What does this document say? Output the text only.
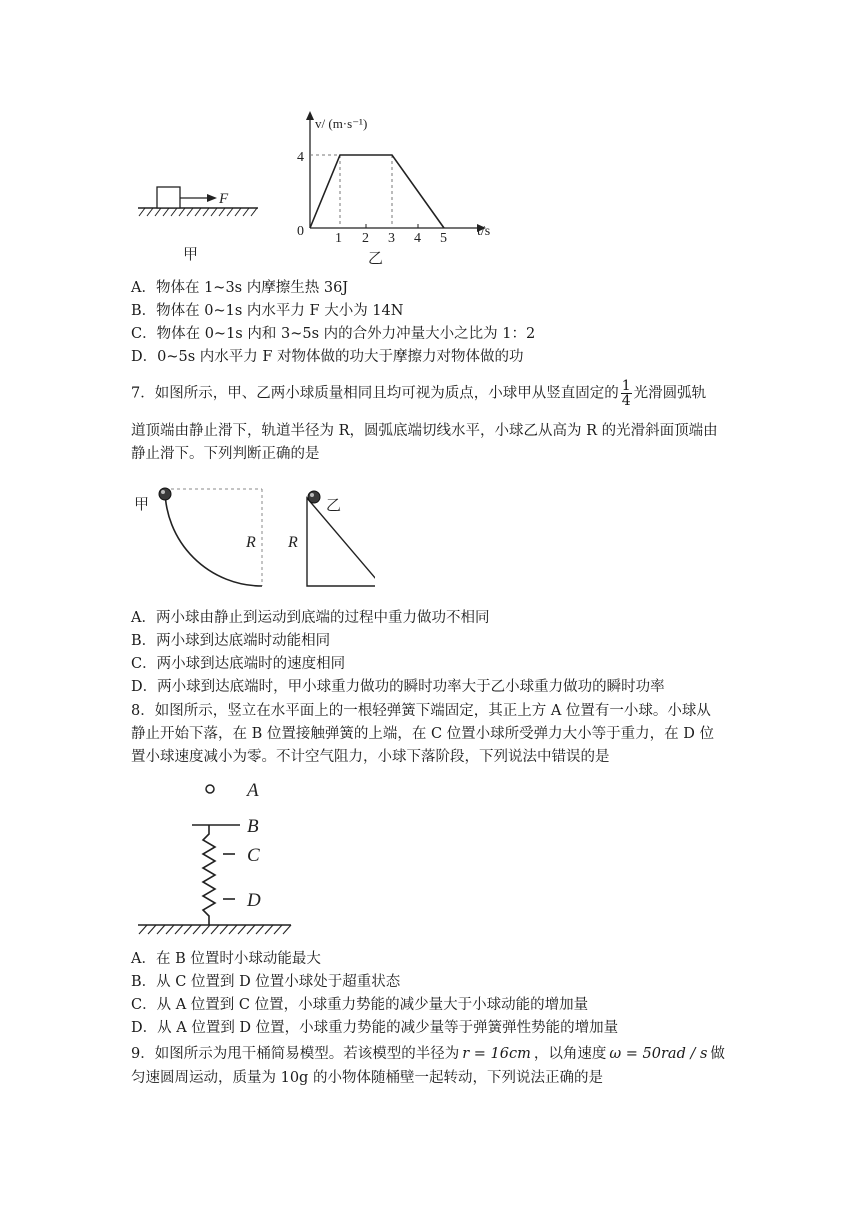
F
甲
v/ (m·s⁻¹)
t/s
0
4
1 2 3 4 5
乙
A．物体在 1~3s 内摩擦生热 36J
B．物体在 0~1s 内水平力 F 大小为 14N
C．物体在 0~1s 内和 3~5s 内的合外力冲量大小之比为 1：2
D．0~5s 内水平力 F 对物体做的功大于摩擦力对物体做的功
7．如图所示，甲、乙两小球质量相同且均可视为质点，小球甲从竖直固定的 $\frac{1}{4}$ 光滑圆弧轨
道顶端由静止滑下，轨道半径为 R，圆弧底端切线水平，小球乙从高为 R 的光滑斜面顶端由
静止滑下。下列判断正确的是
甲
R
乙
R
A．两小球由静止到运动到底端的过程中重力做功不相同
B．两小球到达底端时动能相同
C．两小球到达底端时的速度相同
D．两小球到达底端时，甲小球重力做功的瞬时功率大于乙小球重力做功的瞬时功率
8．如图所示，竖立在水平面上的一根轻弹簧下端固定，其正上方 A 位置有一小球。小球从
静止开始下落，在 B 位置接触弹簧的上端，在 C 位置小球所受弹力大小等于重力，在 D 位
置小球速度减小为零。不计空气阻力，小球下落阶段，下列说法中错误的是
A
B
C
D
A．在 B 位置时小球动能最大
B．从 C 位置到 D 位置小球处于超重状态
C．从 A 位置到 C 位置，小球重力势能的减少量大于小球动能的增加量
D．从 A 位置到 D 位置，小球重力势能的减少量等于弹簧弹性势能的增加量
9．如图所示为甩干桶简易模型。若该模型的半径为 r = 16cm ，以角速度 ω = 50rad / s 做
匀速圆周运动，质量为 10g 的小物体随桶壁一起转动，下列说法正确的是
